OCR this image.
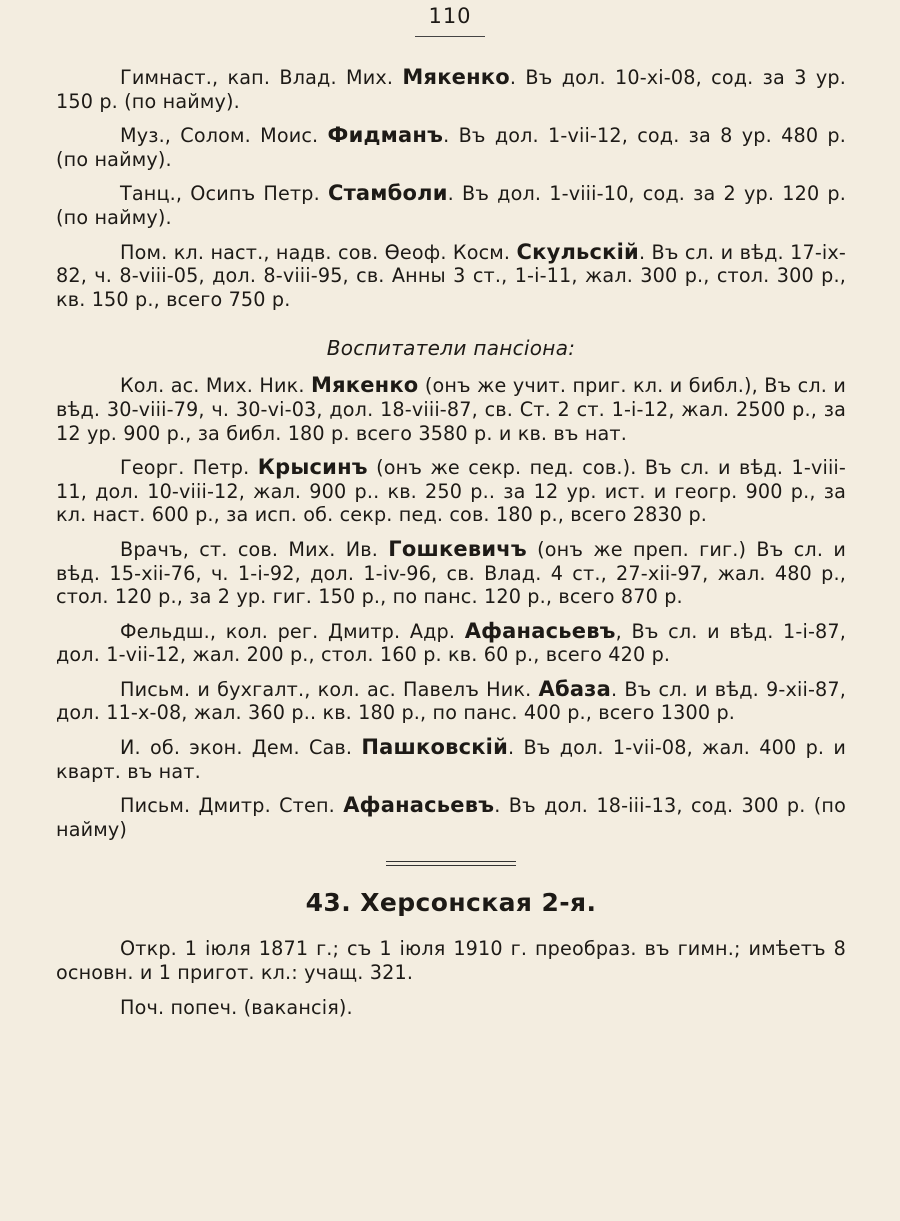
110

Гимнаст., кап. Влад. Мих. Мякенко. Въ дол. 10-xi-08, сод. за 3 ур. 150 р. (по найму).

Муз., Солом. Моис. Фидманъ. Въ дол. 1-vii-12, сод. за 8 ур. 480 р. (по найму).

Танц., Осипъ Петр. Стамболи. Въ дол. 1-viii-10, сод. за 2 ур. 120 р. (по найму).

Пом. кл. наст., надв. сов. Ѳеоф. Косм. Скульскій. Въ сл. и вѣд. 17-ix-82, ч. 8-viii-05, дол. 8-viii-95, св. Анны 3 ст., 1-i-11, жал. 300 р., стол. 300 р., кв. 150 р., всего 750 р.

Воспитатели пансіона:

Кол. ас. Мих. Ник. Мякенко (онъ же учит. приг. кл. и библ.), Въ сл. и вѣд. 30-viii-79, ч. 30-vi-03, дол. 18-viii-87, св. Ст. 2 ст. 1-i-12, жал. 2500 р., за 12 ур. 900 р., за библ. 180 р. всего 3580 р. и кв. въ нат.

Георг. Петр. Крысинъ (онъ же секр. пед. сов.). Въ сл. и вѣд. 1-viii-11, дол. 10-viii-12, жал. 900 р.. кв. 250 р.. за 12 ур. ист. и геогр. 900 р., за кл. наст. 600 р., за исп. об. секр. пед. сов. 180 р., всего 2830 р.

Врачъ, ст. сов. Мих. Ив. Гошкевичъ (онъ же преп. гиг.) Въ сл. и вѣд. 15-xii-76, ч. 1-i-92, дол. 1-iv-96, св. Влад. 4 ст., 27-xii-97, жал. 480 р., стол. 120 р., за 2 ур. гиг. 150 р., по панс. 120 р., всего 870 р.

Фельдш., кол. рег. Дмитр. Адр. Афанасьевъ, Въ сл. и вѣд. 1-i-87, дол. 1-vii-12, жал. 200 р., стол. 160 р. кв. 60 р., всего 420 р.

Письм. и бухгалт., кол. ас. Павелъ Ник. Абаза. Въ сл. и вѣд. 9-xii-87, дол. 11-x-08, жал. 360 р.. кв. 180 р., по панс. 400 р., всего 1300 р.

И. об. экон. Дем. Сав. Пашковскій. Въ дол. 1-vii-08, жал. 400 р. и кварт. въ нат.

Письм. Дмитр. Степ. Афанасьевъ. Въ дол. 18-iii-13, сод. 300 р. (по найму)

43. Херсонская 2-я.

Откр. 1 іюля 1871 г.; съ 1 іюля 1910 г. преобраз. въ гимн.; имѣетъ 8 основн. и 1 пригот. кл.: учащ. 321.

Поч. попеч. (вакансія).
